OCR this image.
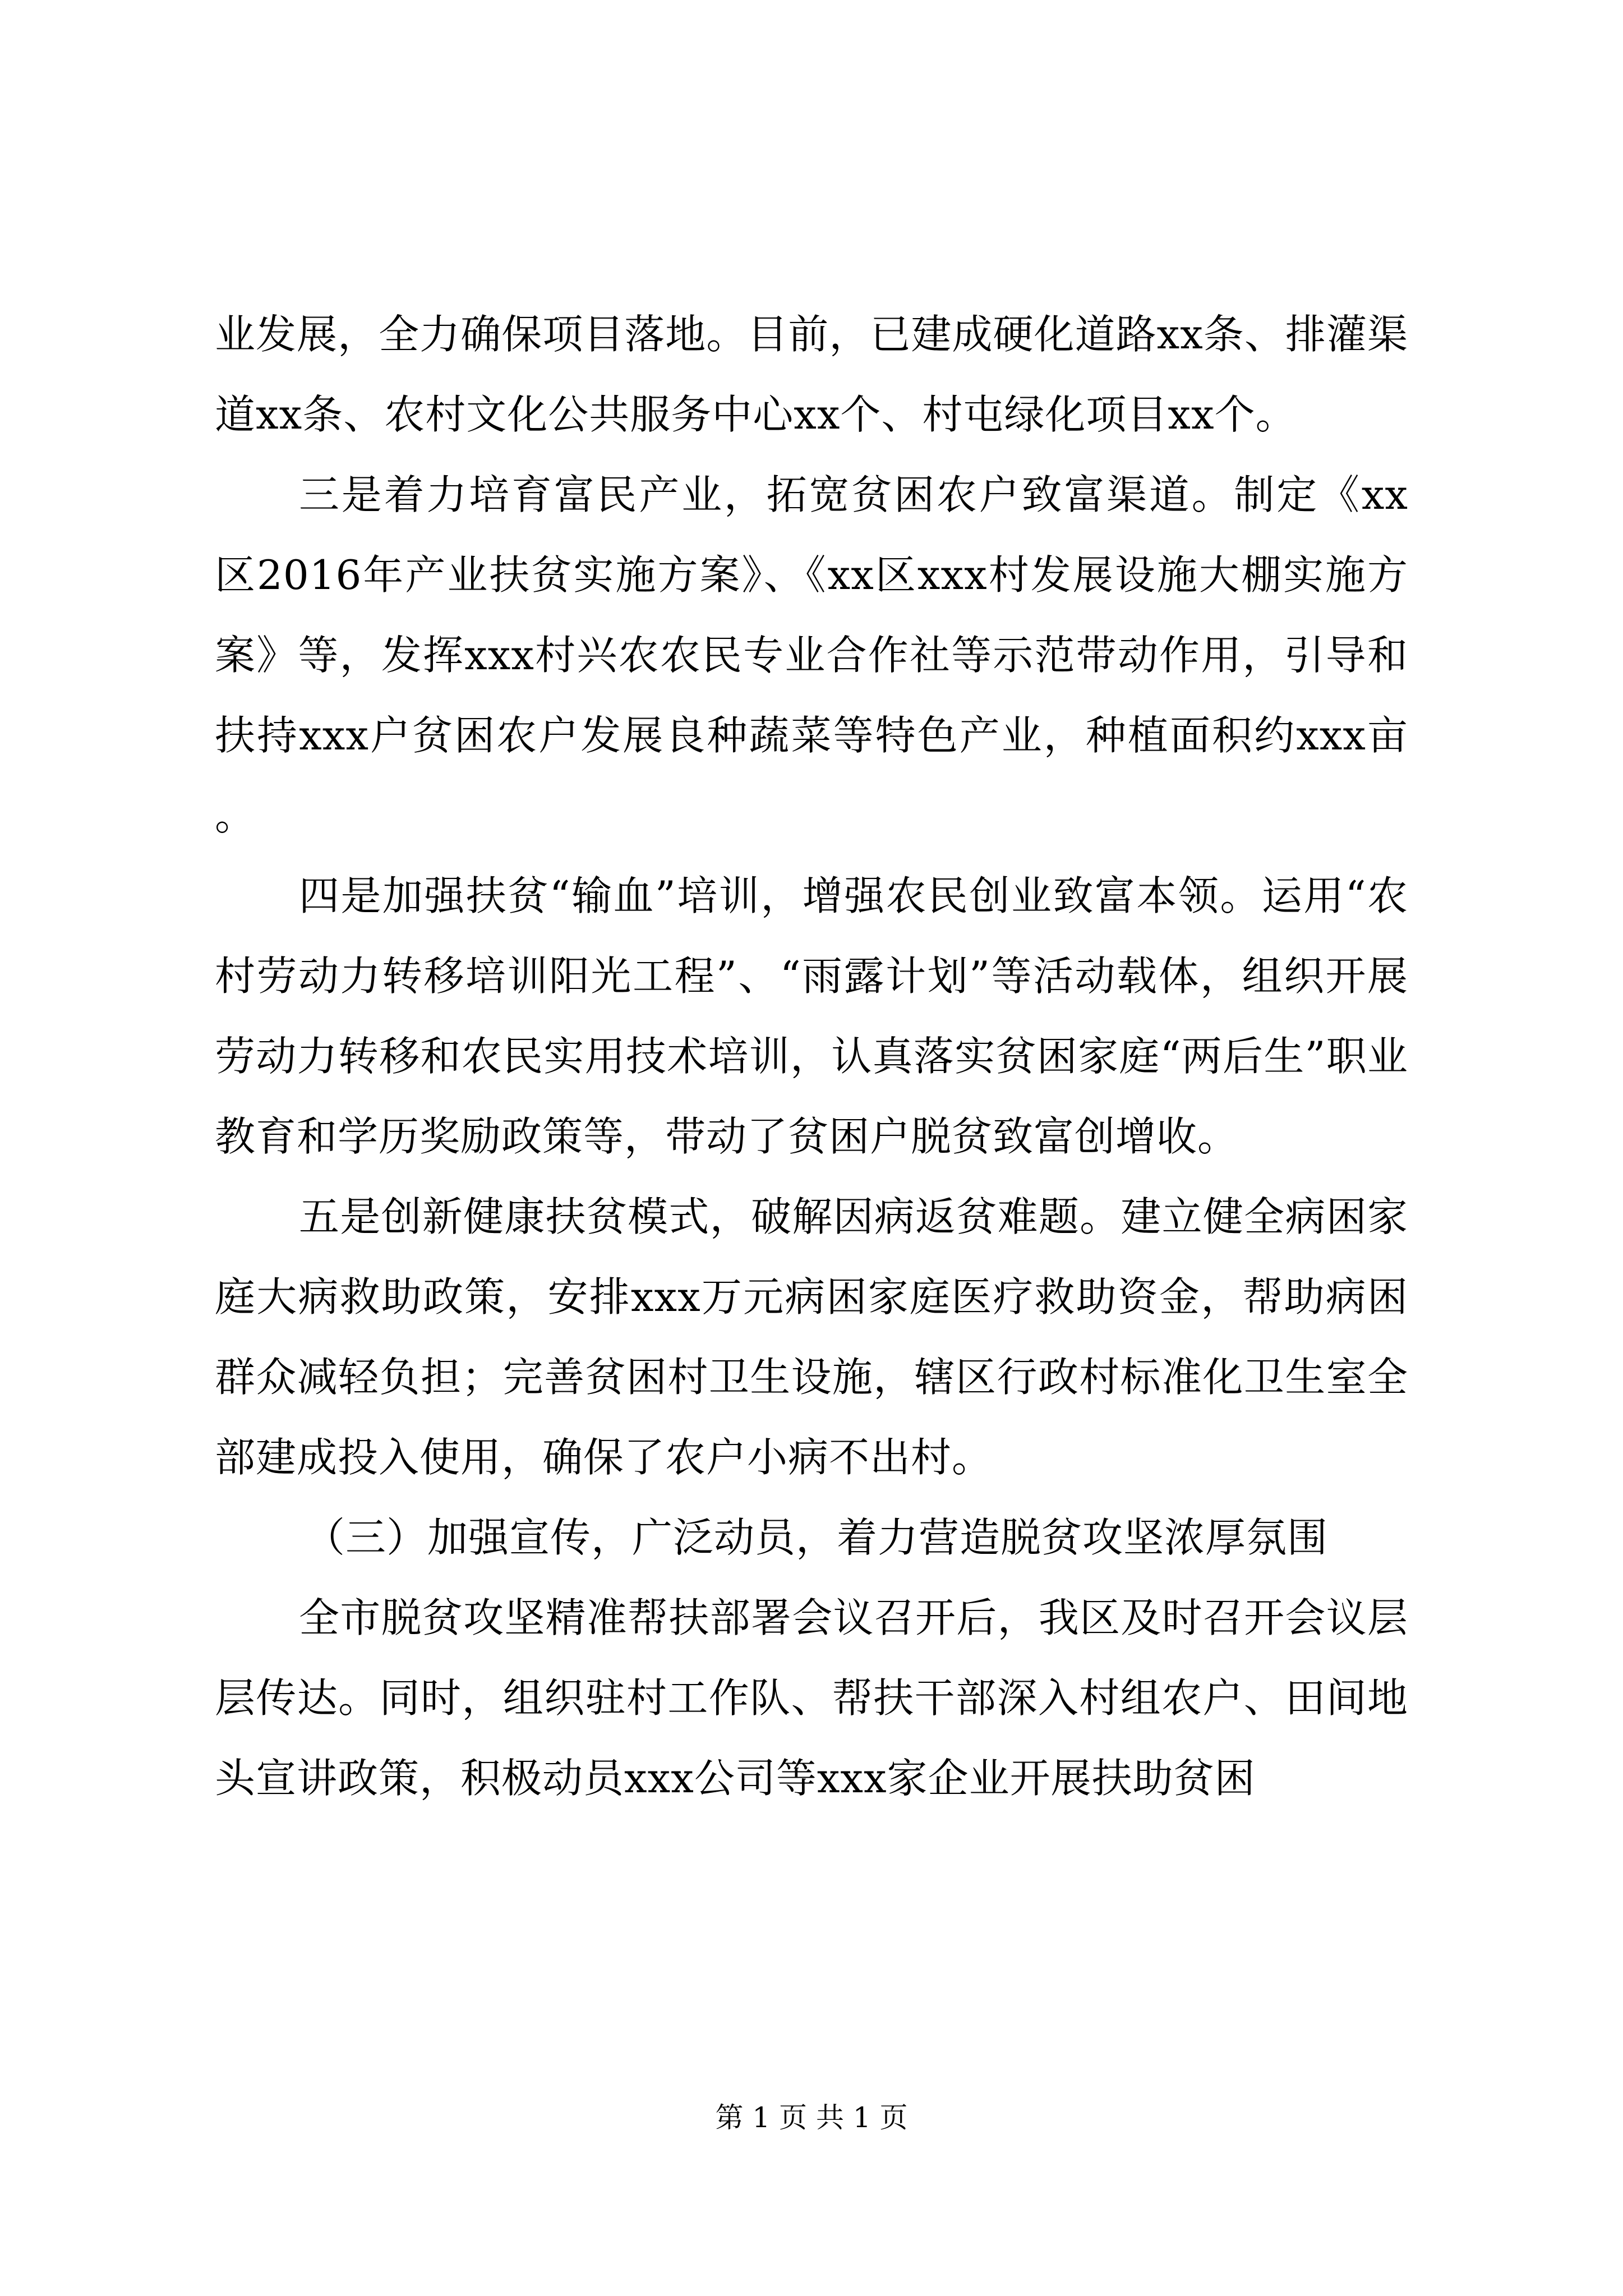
业发展，全力确保项目落地。目前，已建成硬化道路xx条、排灌渠道xx条、农村文化公共服务中心xx个、村屯绿化项目xx个。

三是着力培育富民产业，拓宽贫困农户致富渠道。制定《xx区2016年产业扶贫实施方案》、《xx区xxx村发展设施大棚实施方案》等，发挥xxx村兴农农民专业合作社等示范带动作用，引导和扶持xxx户贫困农户发展良种蔬菜等特色产业，种植面积约xxx亩。

四是加强扶贫“输血”培训，增强农民创业致富本领。运用“农村劳动力转移培训阳光工程”、“雨露计划”等活动载体，组织开展劳动力转移和农民实用技术培训，认真落实贫困家庭“两后生”职业教育和学历奖励政策等，带动了贫困户脱贫致富创增收。

五是创新健康扶贫模式，破解因病返贫难题。建立健全病困家庭大病救助政策，安排xxx万元病困家庭医疗救助资金，帮助病困群众减轻负担；完善贫困村卫生设施，辖区行政村标准化卫生室全部建成投入使用，确保了农户小病不出村。

（三）加强宣传，广泛动员，着力营造脱贫攻坚浓厚氛围

全市脱贫攻坚精准帮扶部署会议召开后，我区及时召开会议层层传达。同时，组织驻村工作队、帮扶干部深入村组农户、田间地头宣讲政策，积极动员xxx公司等xxx家企业开展扶助贫困

第 1 页 共 1 页
